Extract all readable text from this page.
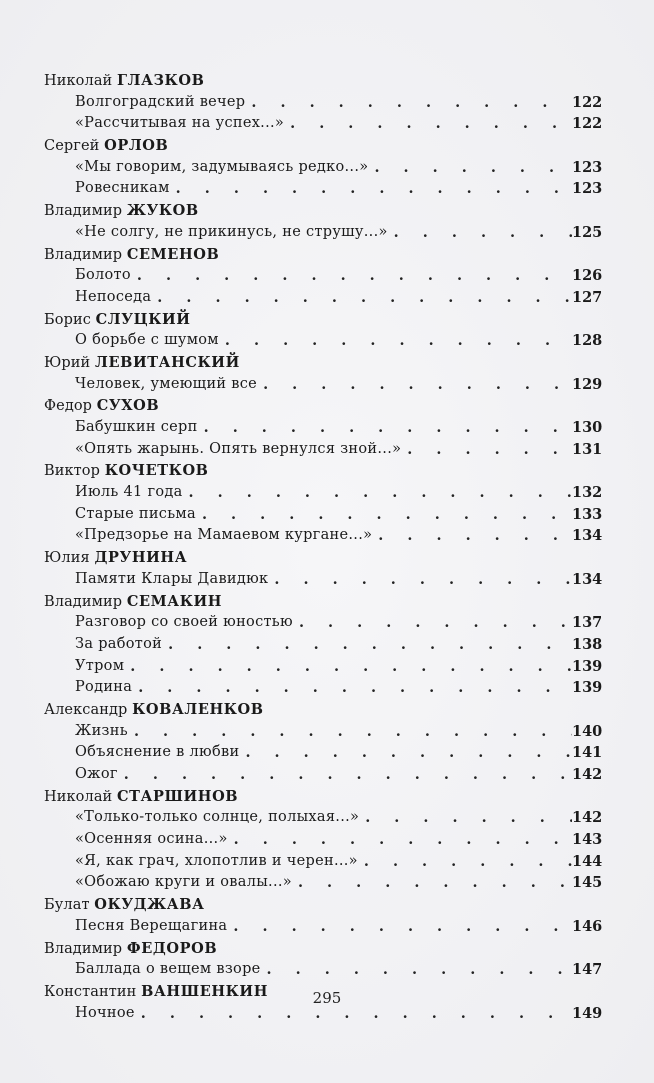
Николай ГЛАЗКОВ
Волгоградский вечер . . .	122
«Рассчитывая на успех...» . . .	122
Сергей ОРЛОВ
«Мы говорим, задумываясь редко...» . . .	123
Ровесникам . . .	123
Владимир ЖУКОВ
«Не солгу, не прикинусь, не струшу...» . . .	125
Владимир СЕМЕНОВ
Болото . . .	126
Непоседа . . .	127
Борис СЛУЦКИЙ
О борьбе с шумом . . .	128
Юрий ЛЕВИТАНСКИЙ
Человек, умеющий все . . .	129
Федор СУХОВ
Бабушкин серп . . .	130
«Опять жарынь. Опять вернулся зной...» . . .	131
Виктор КОЧЕТКОВ
Июль 41 года . . .	132
Старые письма . . .	133
«Предзорье на Мамаевом кургане...» . . .	134
Юлия ДРУНИНА
Памяти Клары Давидюк . . .	134
Владимир СЕМАКИН
Разговор со своей юностью . . .	137
За работой . . .	138
Утром . . .	139
Родина . . .	139
Александр КОВАЛЕНКОВ
Жизнь . . .	140
Объяснение в любви . . .	141
Ожог . . .	142
Николай СТАРШИНОВ
«Только-только солнце, полыхая...» . . .	142
«Осенняя осина...» . . .	143
«Я, как грач, хлопотлив и черен...» . . .	144
«Обожаю круги и овалы...» . . .	145
Булат ОКУДЖАВА
Песня Верещагина . . .	146
Владимир ФЕДОРОВ
Баллада о вещем взоре . . .	147
Константин ВАНШЕНКИН
Ночное . . .	149
295
